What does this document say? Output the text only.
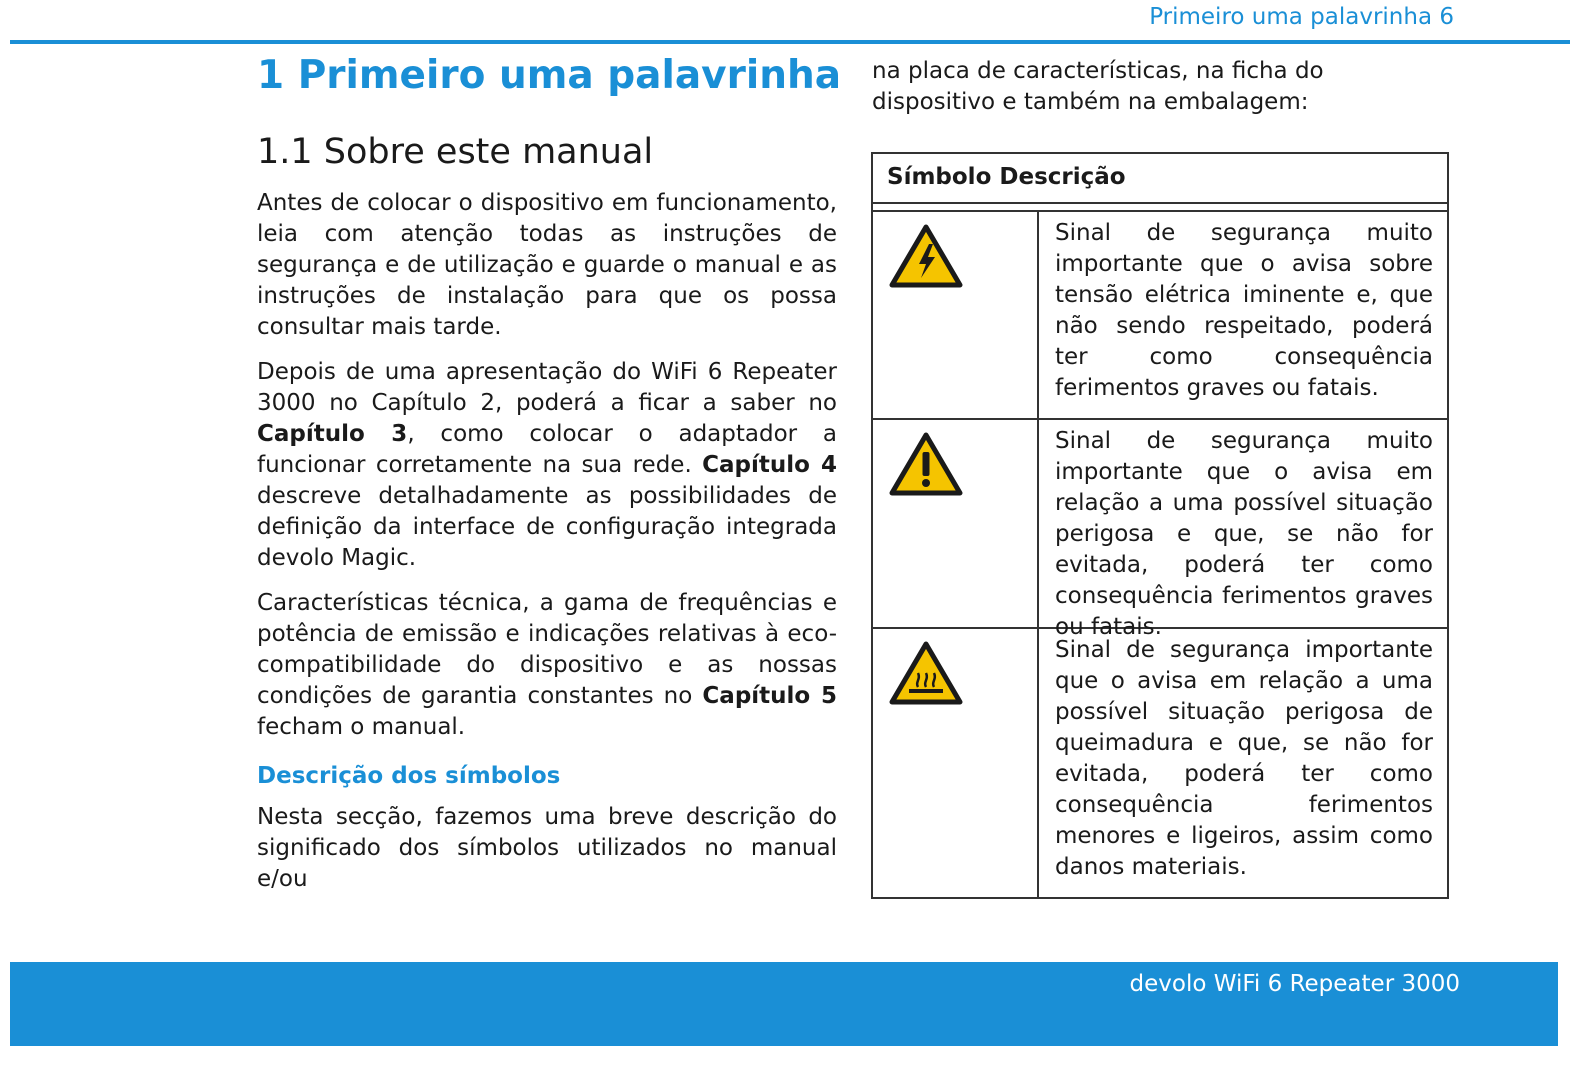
Primeiro uma palavrinha 6
1 Primeiro uma palavrinha
1.1 Sobre este manual

Antes de colocar o dispositivo em funcionamento, leia com atenção todas as instruções de segurança e de utilização e guarde o manual e as instruções de instalação para que os possa consultar mais tarde.

Depois de uma apresentação do WiFi 6 Repeater 3000 no Capítulo 2, poderá a ficar a saber no Capítulo 3, como colocar o adaptador a funcionar corretamente na sua rede. Capítulo 4 descreve detalhadamente as possibilidades de definição da interface de configuração integrada devolo Magic.

Características técnica, a gama de frequências e potência de emissão e indicações relativas à eco-compatibilidade do dispositivo e as nossas condições de garantia constantes no Capítulo 5 fecham o manual.

Descrição dos símbolos

Nesta secção, fazemos uma breve descrição do significado dos símbolos utilizados no manual e/ou

na placa de características, na ficha do dispositivo e também na embalagem:

Símbolo Descrição
Sinal de segurança muito importante que o avisa sobre tensão elétrica iminente e, que não sendo respeitado, poderá ter como consequência ferimentos graves ou fatais.
Sinal de segurança muito importante que o avisa em relação a uma possível situação perigosa e que, se não for evitada, poderá ter como consequência ferimentos graves ou fatais.
Sinal de segurança importante que o avisa em relação a uma possível situação perigosa de queimadura e que, se não for evitada, poderá ter como consequência ferimentos menores e ligeiros, assim como danos materiais.
devolo WiFi 6 Repeater 3000
